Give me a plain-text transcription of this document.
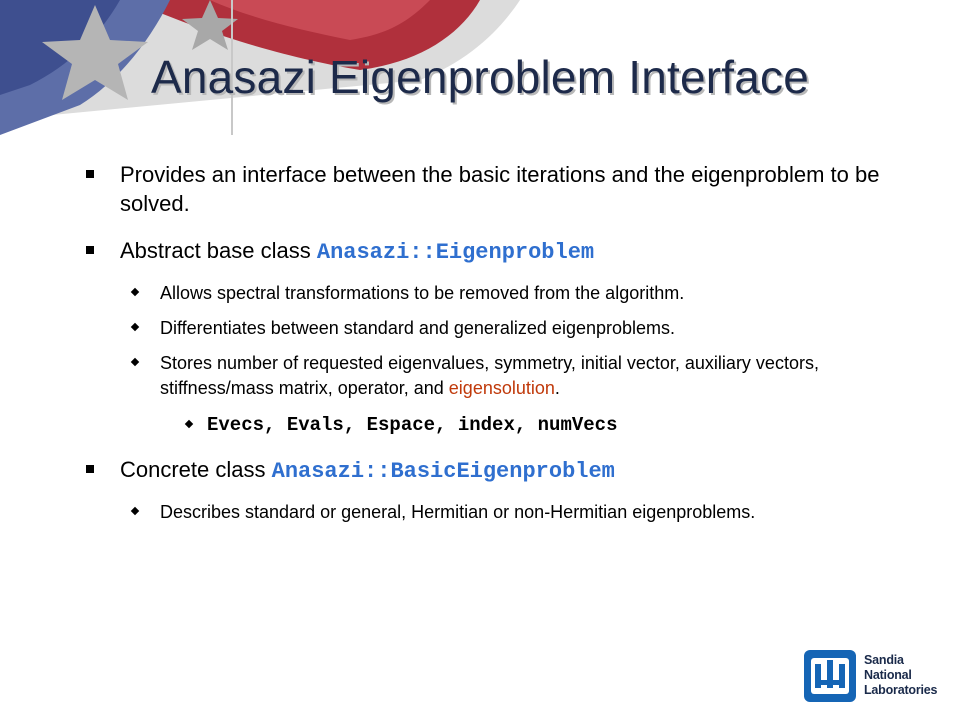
Anasazi Eigenproblem Interface
Provides an interface between the basic iterations and the eigenproblem to be solved.
Abstract base class Anasazi::Eigenproblem
Allows spectral transformations to be removed from the algorithm.
Differentiates between standard and generalized eigenproblems.
Stores number of requested eigenvalues, symmetry, initial vector, auxiliary vectors, stiffness/mass matrix, operator, and eigensolution.
Evecs, Evals, Espace, index, numVecs
Concrete class Anasazi::BasicEigenproblem
Describes standard or general, Hermitian or non-Hermitian eigenproblems.
Sandia
National
Laboratories
